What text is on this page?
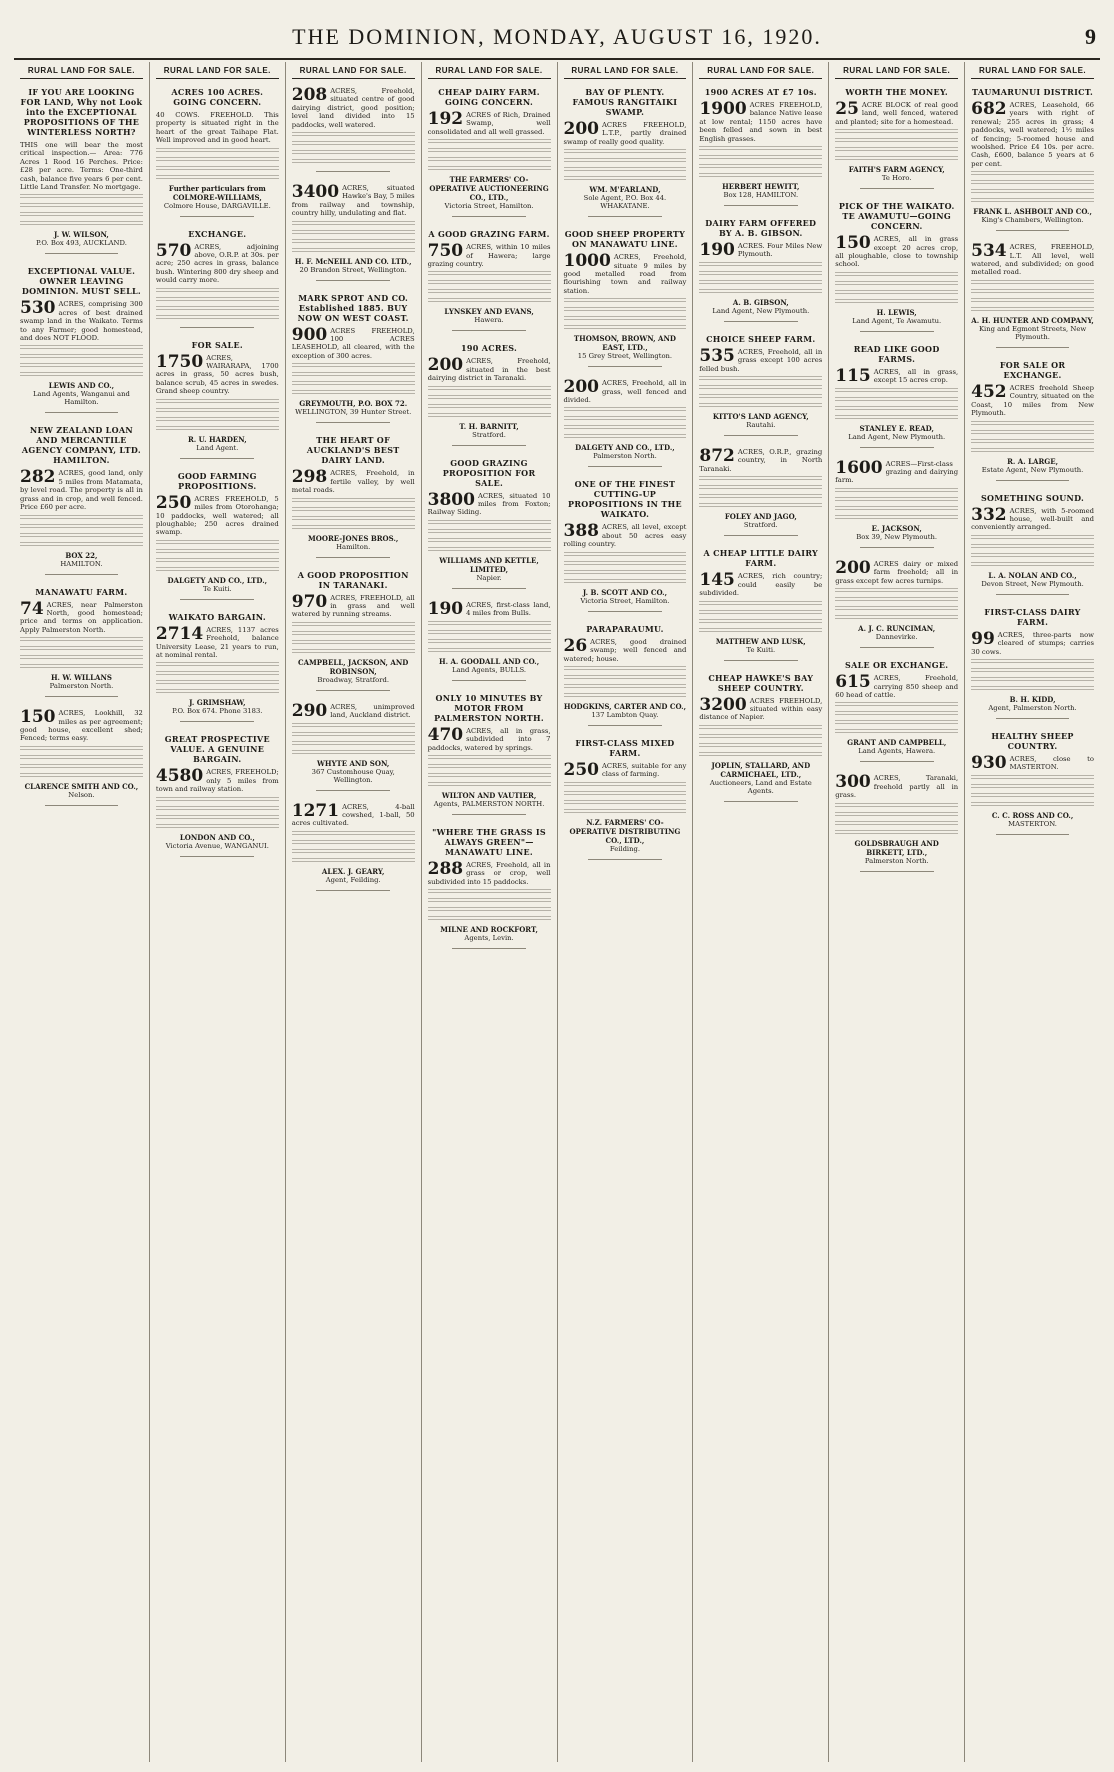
THE DOMINION, MONDAY, AUGUST 16, 1920.	9
RURAL LAND FOR SALE.
IF YOU ARE LOOKING FOR LAND, Why not Look into the EXCEPTIONAL PROPOSITIONS OF THE WINTERLESS NORTH?

THIS one will bear the most critical inspection.— Area: 776 Acres 1 Rood 16 Perches. Price: £28 per acre. Terms: One-third cash, balance five years 6 per cent. Little Land Transfer. No mortgage.

J. W. WILSON,
P.O. Box 493, AUCKLAND.
EXCEPTIONAL VALUE. OWNER LEAVING DOMINION. MUST SELL.

530 ACRES, comprising 300 acres of best drained swamp land in the Waikato. Terms to any Farmer; good homestead, and does NOT FLOOD.

LEWIS AND CO.,
Land Agents, Wanganui and Hamilton.
NEW ZEALAND LOAN AND MERCANTILE AGENCY COMPANY, LTD. HAMILTON.

282 ACRES, good land, only 5 miles from Matamata, by level road. The property is all in grass and in crop, and well fenced. Price £60 per acre.

BOX 22,
HAMILTON.
MANAWATU FARM.

74 ACRES, near Palmerston North, good homestead; price and terms on application. Apply Palmerston North.

H. W. WILLANS
Palmerston North.

150 ACRES, Lookhill, 32 miles as per agreement; good house, excellent shed; Fenced; terms easy.

CLARENCE SMITH AND CO.,
Nelson.
RURAL LAND FOR SALE.
ACRES 100 ACRES. GOING CONCERN.

40 COWS. FREEHOLD. This property is situated right in the heart of the great Taihape Flat. Well improved and in good heart.

Further particulars from COLMORE-WILLIAMS,
Colmore House, DARGAVILLE.
EXCHANGE.

570 ACRES, adjoining above, O.R.P. at 30s. per acre; 250 acres in grass, balance bush. Wintering 800 dry sheep and would carry more.

FOR SALE.

1750 ACRES, WAIRARAPA, 1700 acres in grass, 50 acres bush, balance scrub, 45 acres in swedes. Grand sheep country.

R. U. HARDEN,
Land Agent.
GOOD FARMING PROPOSITIONS.

250 ACRES FREEHOLD, 5 miles from Otorohanga; 10 paddocks, well watered; all ploughable; 250 acres drained swamp.

DALGETY AND CO., LTD.,
Te Kuiti.
WAIKATO BARGAIN.

2714 ACRES, 1137 acres Freehold, balance University Lease, 21 years to run, at nominal rental.

J. GRIMSHAW,
P.O. Box 674. Phone 3183.
GREAT PROSPECTIVE VALUE. A GENUINE BARGAIN.

4580 ACRES, FREEHOLD; only 5 miles from town and railway station.

LONDON AND CO.,
Victoria Avenue, WANGANUI.
RURAL LAND FOR SALE.

208 ACRES, Freehold, situated centre of good dairying district, good position; level land divided into 15 paddocks, well watered.

3400 ACRES, situated Hawke's Bay, 5 miles from railway and township, country hilly, undulating and flat.

H. F. McNEILL AND CO. LTD.,
20 Brandon Street, Wellington.
MARK SPROT AND CO. Established 1885. BUY NOW ON WEST COAST.

900 ACRES FREEHOLD, 100 ACRES LEASEHOLD, all cleared, with the exception of 300 acres.

GREYMOUTH, P.O. BOX 72.
WELLINGTON, 39 Hunter Street.
THE HEART OF AUCKLAND'S BEST DAIRY LAND.

298 ACRES, Freehold, in fertile valley, by well metal roads.

MOORE-JONES BROS.,
Hamilton.
A GOOD PROPOSITION IN TARANAKI.

970 ACRES, FREEHOLD, all in grass and well watered by running streams.

CAMPBELL, JACKSON, AND ROBINSON,
Broadway, Stratford.

290 ACRES, unimproved land, Auckland district.

WHYTE AND SON,
367 Customhouse Quay, Wellington.

1271 ACRES, 4-ball cowshed, 1-ball, 50 acres cultivated.

ALEX. J. GEARY,
Agent, Feilding.
RURAL LAND FOR SALE.
CHEAP DAIRY FARM. GOING CONCERN.

192 ACRES of Rich, Drained Swamp, well consolidated and all well grassed.

THE FARMERS' CO-OPERATIVE AUCTIONEERING CO., LTD.,
Victoria Street, Hamilton.
A GOOD GRAZING FARM.

750 ACRES, within 10 miles of Hawera; large grazing country.

LYNSKEY AND EVANS,
Hawera.
190 ACRES.

200 ACRES, Freehold, situated in the best dairying district in Taranaki.

T. H. BARNITT,
Stratford.
GOOD GRAZING PROPOSITION FOR SALE.

3800 ACRES, situated 10 miles from Foxton; Railway Siding.

WILLIAMS AND KETTLE, LIMITED,
Napier.

190 ACRES, first-class land, 4 miles from Bulls.

H. A. GOODALL AND CO.,
Land Agents, BULLS.
ONLY 10 MINUTES BY MOTOR FROM PALMERSTON NORTH.

470 ACRES, all in grass, subdivided into 7 paddocks, watered by springs.

WILTON AND VAUTIER,
Agents, PALMERSTON NORTH.
"WHERE THE GRASS IS ALWAYS GREEN"—MANAWATU LINE.

288 ACRES, Freehold, all in grass or crop, well subdivided into 15 paddocks.

MILNE AND ROCKFORT,
Agents, Levin.
RURAL LAND FOR SALE.
BAY OF PLENTY. FAMOUS RANGITAIKI SWAMP.

200 ACRES FREEHOLD, L.T.P., partly drained swamp of really good quality.

WM. M'FARLAND,
Sole Agent, P.O. Box 44. WHAKATANE.
GOOD SHEEP PROPERTY ON MANAWATU LINE.

1000 ACRES, Freehold, situate 9 miles by good metalled road from flourishing town and railway station.

THOMSON, BROWN, AND EAST, LTD.,
15 Grey Street, Wellington.

200 ACRES, Freehold, all in grass, well fenced and divided.

DALGETY AND CO., LTD.,
Palmerston North.
ONE OF THE FINEST CUTTING-UP PROPOSITIONS IN THE WAIKATO.

388 ACRES, all level, except about 50 acres easy rolling country.

J. B. SCOTT AND CO.,
Victoria Street, Hamilton.
PARAPARAUMU.

26 ACRES, good drained swamp; well fenced and watered; house.

HODGKINS, CARTER AND CO.,
137 Lambton Quay.
FIRST-CLASS MIXED FARM.

250 ACRES, suitable for any class of farming.

N.Z. FARMERS' CO-OPERATIVE DISTRIBUTING CO., LTD.,
Feilding.
RURAL LAND FOR SALE.
1900 ACRES AT £7 10s.

1900 ACRES FREEHOLD, balance Native lease at low rental; 1150 acres have been felled and sown in best English grasses.

HERBERT HEWITT,
Box 128, HAMILTON.
DAIRY FARM OFFERED BY A. B. GIBSON.

190 ACRES. Four Miles New Plymouth.

A. B. GIBSON,
Land Agent, New Plymouth.
CHOICE SHEEP FARM.

535 ACRES, Freehold, all in grass except 100 acres felled bush.

KITTO'S LAND AGENCY,
Rautahi.

872 ACRES, O.R.P., grazing country, in North Taranaki.

FOLEY AND JAGO,
Stratford.
A CHEAP LITTLE DAIRY FARM.

145 ACRES, rich country; could easily be subdivided.

MATTHEW AND LUSK,
Te Kuiti.
CHEAP HAWKE'S BAY SHEEP COUNTRY.

3200 ACRES FREEHOLD, situated within easy distance of Napier.

JOPLIN, STALLARD, AND CARMICHAEL, LTD.,
Auctioneers, Land and Estate Agents.
RURAL LAND FOR SALE.
WORTH THE MONEY.

25 ACRE BLOCK of real good land, well fenced, watered and planted; site for a homestead.

FAITH'S FARM AGENCY,
Te Horo.
PICK OF THE WAIKATO. TE AWAMUTU—GOING CONCERN.

150 ACRES, all in grass except 20 acres crop, all ploughable, close to township school.

H. LEWIS,
Land Agent, Te Awamutu.
READ LIKE GOOD FARMS.

115 ACRES, all in grass, except 15 acres crop.

STANLEY E. READ,
Land Agent, New Plymouth.

1600 ACRES—First-class grazing and dairying farm.

E. JACKSON,
Box 39, New Plymouth.

200 ACRES dairy or mixed farm freehold; all in grass except few acres turnips.

A. J. C. RUNCIMAN,
Dannevirke.
SALE OR EXCHANGE.

615 ACRES, Freehold, carrying 850 sheep and 60 head of cattle.

GRANT AND CAMPBELL,
Land Agents, Hawera.

300 ACRES, Taranaki, freehold partly all in grass.

GOLDSBRAUGH AND BIRKETT, LTD.,
Palmerston North.
RURAL LAND FOR SALE.
TAUMARUNUI DISTRICT.

682 ACRES, Leasehold, 66 years with right of renewal; 255 acres in grass; 4 paddocks, well watered; 1½ miles of fencing; 5-roomed house and woolshed. Price £4 10s. per acre. Cash, £600, balance 5 years at 6 per cent.

FRANK L. ASHBOLT AND CO.,
King's Chambers, Wellington.

534 ACRES, FREEHOLD, L.T. All level, well watered, and subdivided; on good metalled road.

A. H. HUNTER AND COMPANY,
King and Egmont Streets, New Plymouth.
FOR SALE OR EXCHANGE.

452 ACRES freehold Sheep Country, situated on the Coast, 10 miles from New Plymouth.

R. A. LARGE,
Estate Agent, New Plymouth.
SOMETHING SOUND.

332 ACRES, with 5-roomed house, well-built and conveniently arranged.

L. A. NOLAN AND CO.,
Devon Street, New Plymouth.
FIRST-CLASS DAIRY FARM.

99 ACRES, three-parts now cleared of stumps; carries 30 cows.

B. H. KIDD,
Agent, Palmerston North.
HEALTHY SHEEP COUNTRY.

930 ACRES, close to MASTERTON.

C. C. ROSS AND CO.,
MASTERTON.
